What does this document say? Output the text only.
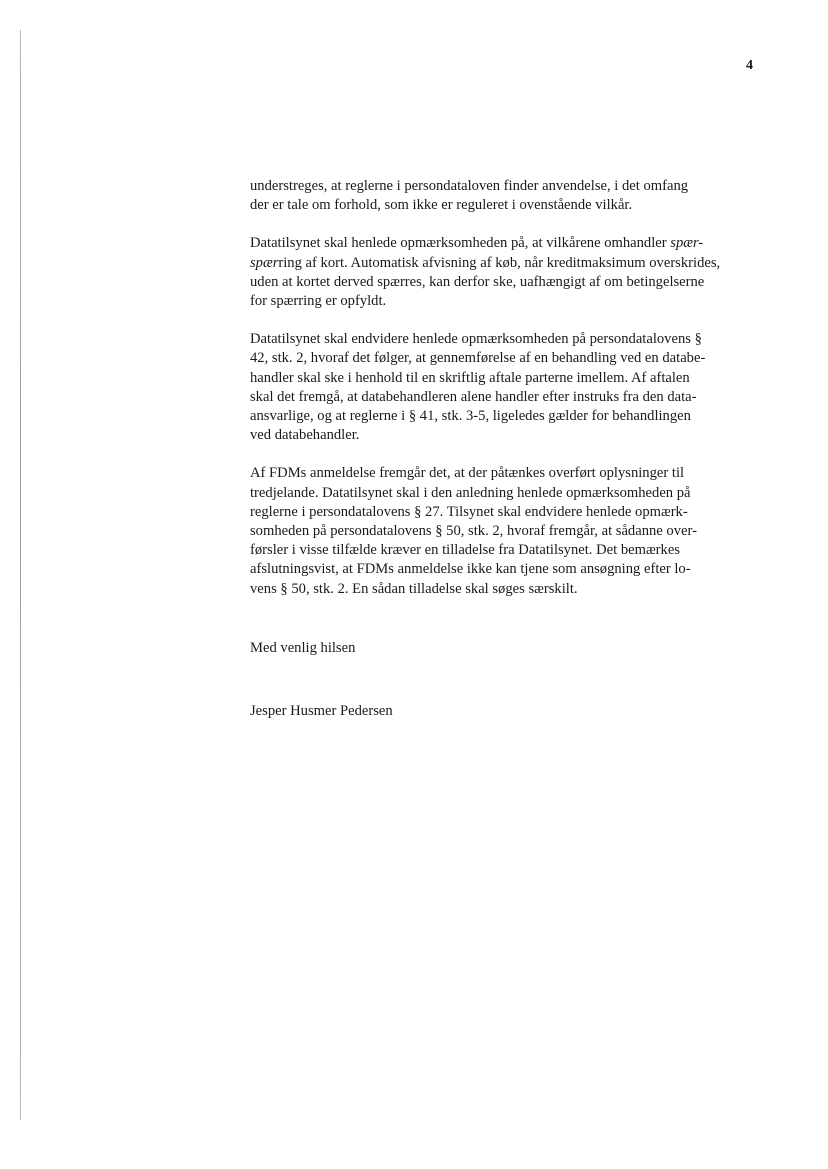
4

understreges, at reglerne i persondataloven finder anvendelse, i det omfang
der er tale om forhold, som ikke er reguleret i ovenstående vilkår.

Datatilsynet skal henlede opmærksomheden på, at vilkårene omhandler spær-
spærring af kort. Automatisk afvisning af køb, når kreditmaksimum overskrides,
uden at kortet derved spærres, kan derfor ske, uafhængigt af om betingelserne
for spærring er opfyldt.

Datatilsynet skal endvidere henlede opmærksomheden på persondatalovens §
42, stk. 2, hvoraf det følger, at gennemførelse af en behandling ved en databe-
handler skal ske i henhold til en skriftlig aftale parterne imellem. Af aftalen
skal det fremgå, at databehandleren alene handler efter instruks fra den data-
ansvarlige, og at reglerne i § 41, stk. 3-5, ligeledes gælder for behandlingen
ved databehandler.

Af FDMs anmeldelse fremgår det, at der påtænkes overført oplysninger til
tredjelande. Datatilsynet skal i den anledning henlede opmærksomheden på
reglerne i persondatalovens § 27. Tilsynet skal endvidere henlede opmærk-
somheden på persondatalovens § 50, stk. 2, hvoraf fremgår, at sådanne over-
førsler i visse tilfælde kræver en tilladelse fra Datatilsynet. Det bemærkes
afslutningsvist, at FDMs anmeldelse ikke kan tjene som ansøgning efter lo-
vens § 50, stk. 2. En sådan tilladelse skal søges særskilt.

Med venlig hilsen

Jesper Husmer Pedersen
